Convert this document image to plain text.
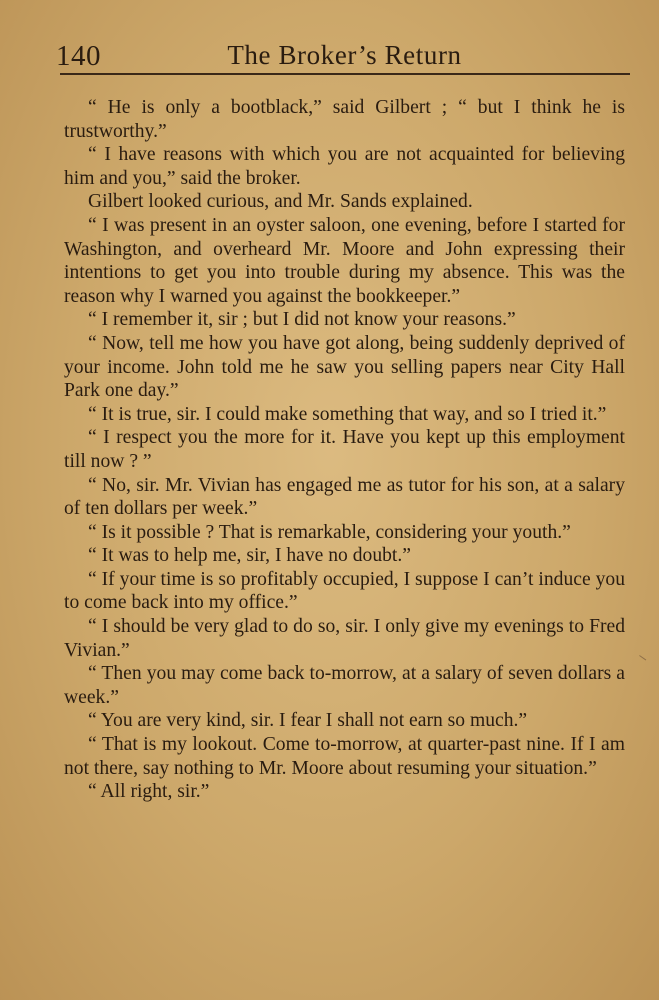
140	The Broker’s Return

“ He is only a bootblack,” said Gilbert ; “ but I think he is trustworthy.”

“ I have reasons with which you are not acquainted for believing him and you,” said the broker.

Gilbert looked curious, and Mr. Sands explained.

“ I was present in an oyster saloon, one evening, before I started for Washington, and overheard Mr. Moore and John expressing their intentions to get you into trouble during my absence. This was the reason why I warned you against the bookkeeper.”

“ I remember it, sir ; but I did not know your reasons.”

“ Now, tell me how you have got along, being suddenly deprived of your income. John told me he saw you selling papers near City Hall Park one day.”

“ It is true, sir. I could make something that way, and so I tried it.”

“ I respect you the more for it. Have you kept up this employment till now ? ”

“ No, sir. Mr. Vivian has engaged me as tutor for his son, at a salary of ten dollars per week.”

“ Is it possible ? That is remarkable, considering your youth.”

“ It was to help me, sir, I have no doubt.”

“ If your time is so profitably occupied, I suppose I can’t induce you to come back into my office.”

“ I should be very glad to do so, sir. I only give my evenings to Fred Vivian.”

“ Then you may come back to-morrow, at a salary of seven dollars a week.”

“ You are very kind, sir. I fear I shall not earn so much.”

“ That is my lookout. Come to-morrow, at quarter-past nine. If I am not there, say nothing to Mr. Moore about resuming your situation.”

“ All right, sir.”
